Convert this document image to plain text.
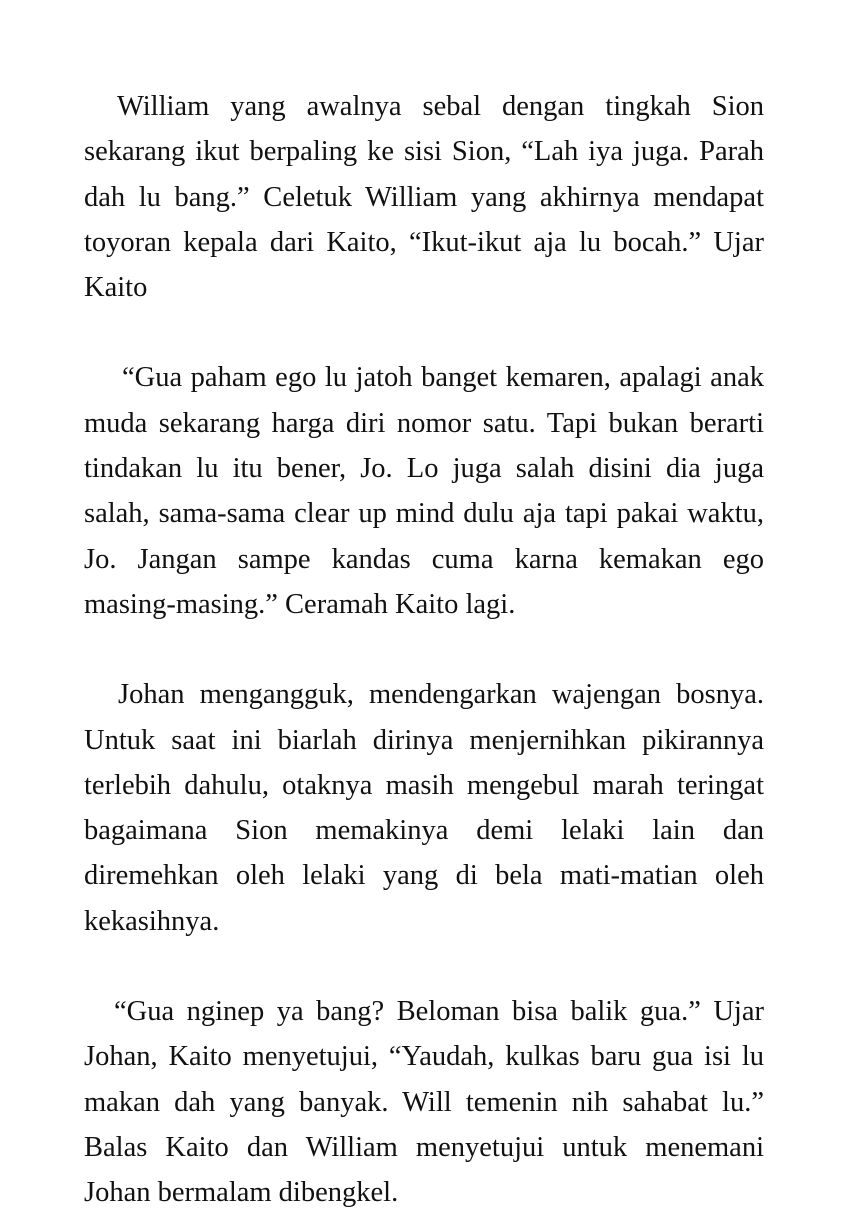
William yang awalnya sebal dengan tingkah Sion sekarang ikut berpaling ke sisi Sion, “Lah iya juga. Parah dah lu bang.” Celetuk William yang akhirnya mendapat toyoran kepala dari Kaito, “Ikut-ikut aja lu bocah.” Ujar Kaito

“Gua paham ego lu jatoh banget kemaren, apalagi anak muda sekarang harga diri nomor satu. Tapi bukan berarti tindakan lu itu bener, Jo. Lo juga salah disini dia juga salah, sama-sama clear up mind dulu aja tapi pakai waktu, Jo. Jangan sampe kandas cuma karna kemakan ego masing-masing.” Ceramah Kaito lagi.

Johan mengangguk, mendengarkan wajengan bosnya. Untuk saat ini biarlah dirinya menjernihkan pikirannya terlebih dahulu, otaknya masih mengebul marah teringat bagaimana Sion memakinya demi lelaki lain dan diremehkan oleh lelaki yang di bela mati-matian oleh kekasihnya.

“Gua nginep ya bang? Beloman bisa balik gua.” Ujar Johan, Kaito menyetujui, “Yaudah, kulkas baru gua isi lu makan dah yang banyak. Will temenin nih sahabat lu.” Balas Kaito dan William menyetujui untuk menemani Johan bermalam dibengkel.
